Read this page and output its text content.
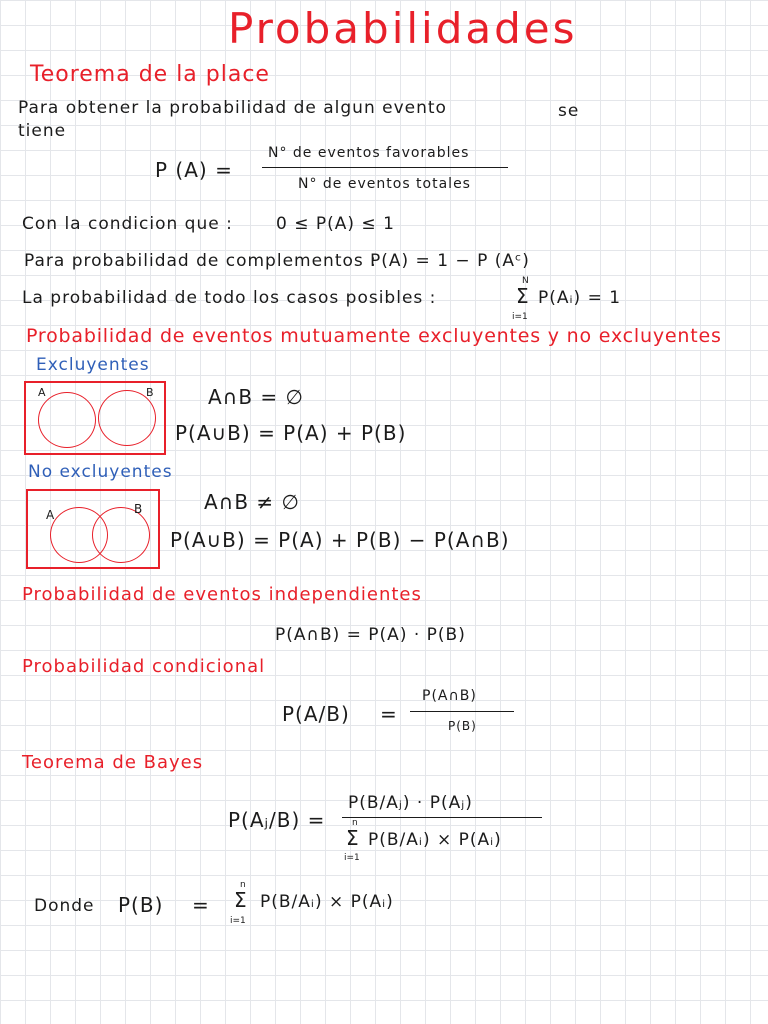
Probabilidades
Teorema de la place
Para obtener la probabilidad de algun evento	se
tiene
P (A) =
N° de eventos favorables
N° de eventos totales
Con la condicion que :	0 ≤ P(A) ≤ 1
Para probabilidad de complementos :
P(A) = 1 − P (Aᶜ)
La probabilidad de todo los casos posibles :
N
Σ
i=1
P(Aᵢ) = 1
Probabilidad de eventos mutuamente excluyentes y no excluyentes
Excluyentes
A	B	A∩B = ∅
P(A∪B) = P(A) + P(B)
No excluyentes
A	B	A∩B ≠ ∅
P(A∪B) = P(A) + P(B) − P(A∩B)
Probabilidad de eventos independientes
P(A∩B) = P(A) · P(B)
Probabilidad condicional
P(A/B) =
P(A∩B)
P(B)
Teorema de Bayes
P(Aⱼ/B) =
P(B/Aⱼ) · P(Aⱼ)
n
Σ
i=1
P(B/Aᵢ) × P(Aᵢ)
Donde P(B) =
n
Σ
i=1
P(B/Aᵢ) × P(Aᵢ)
